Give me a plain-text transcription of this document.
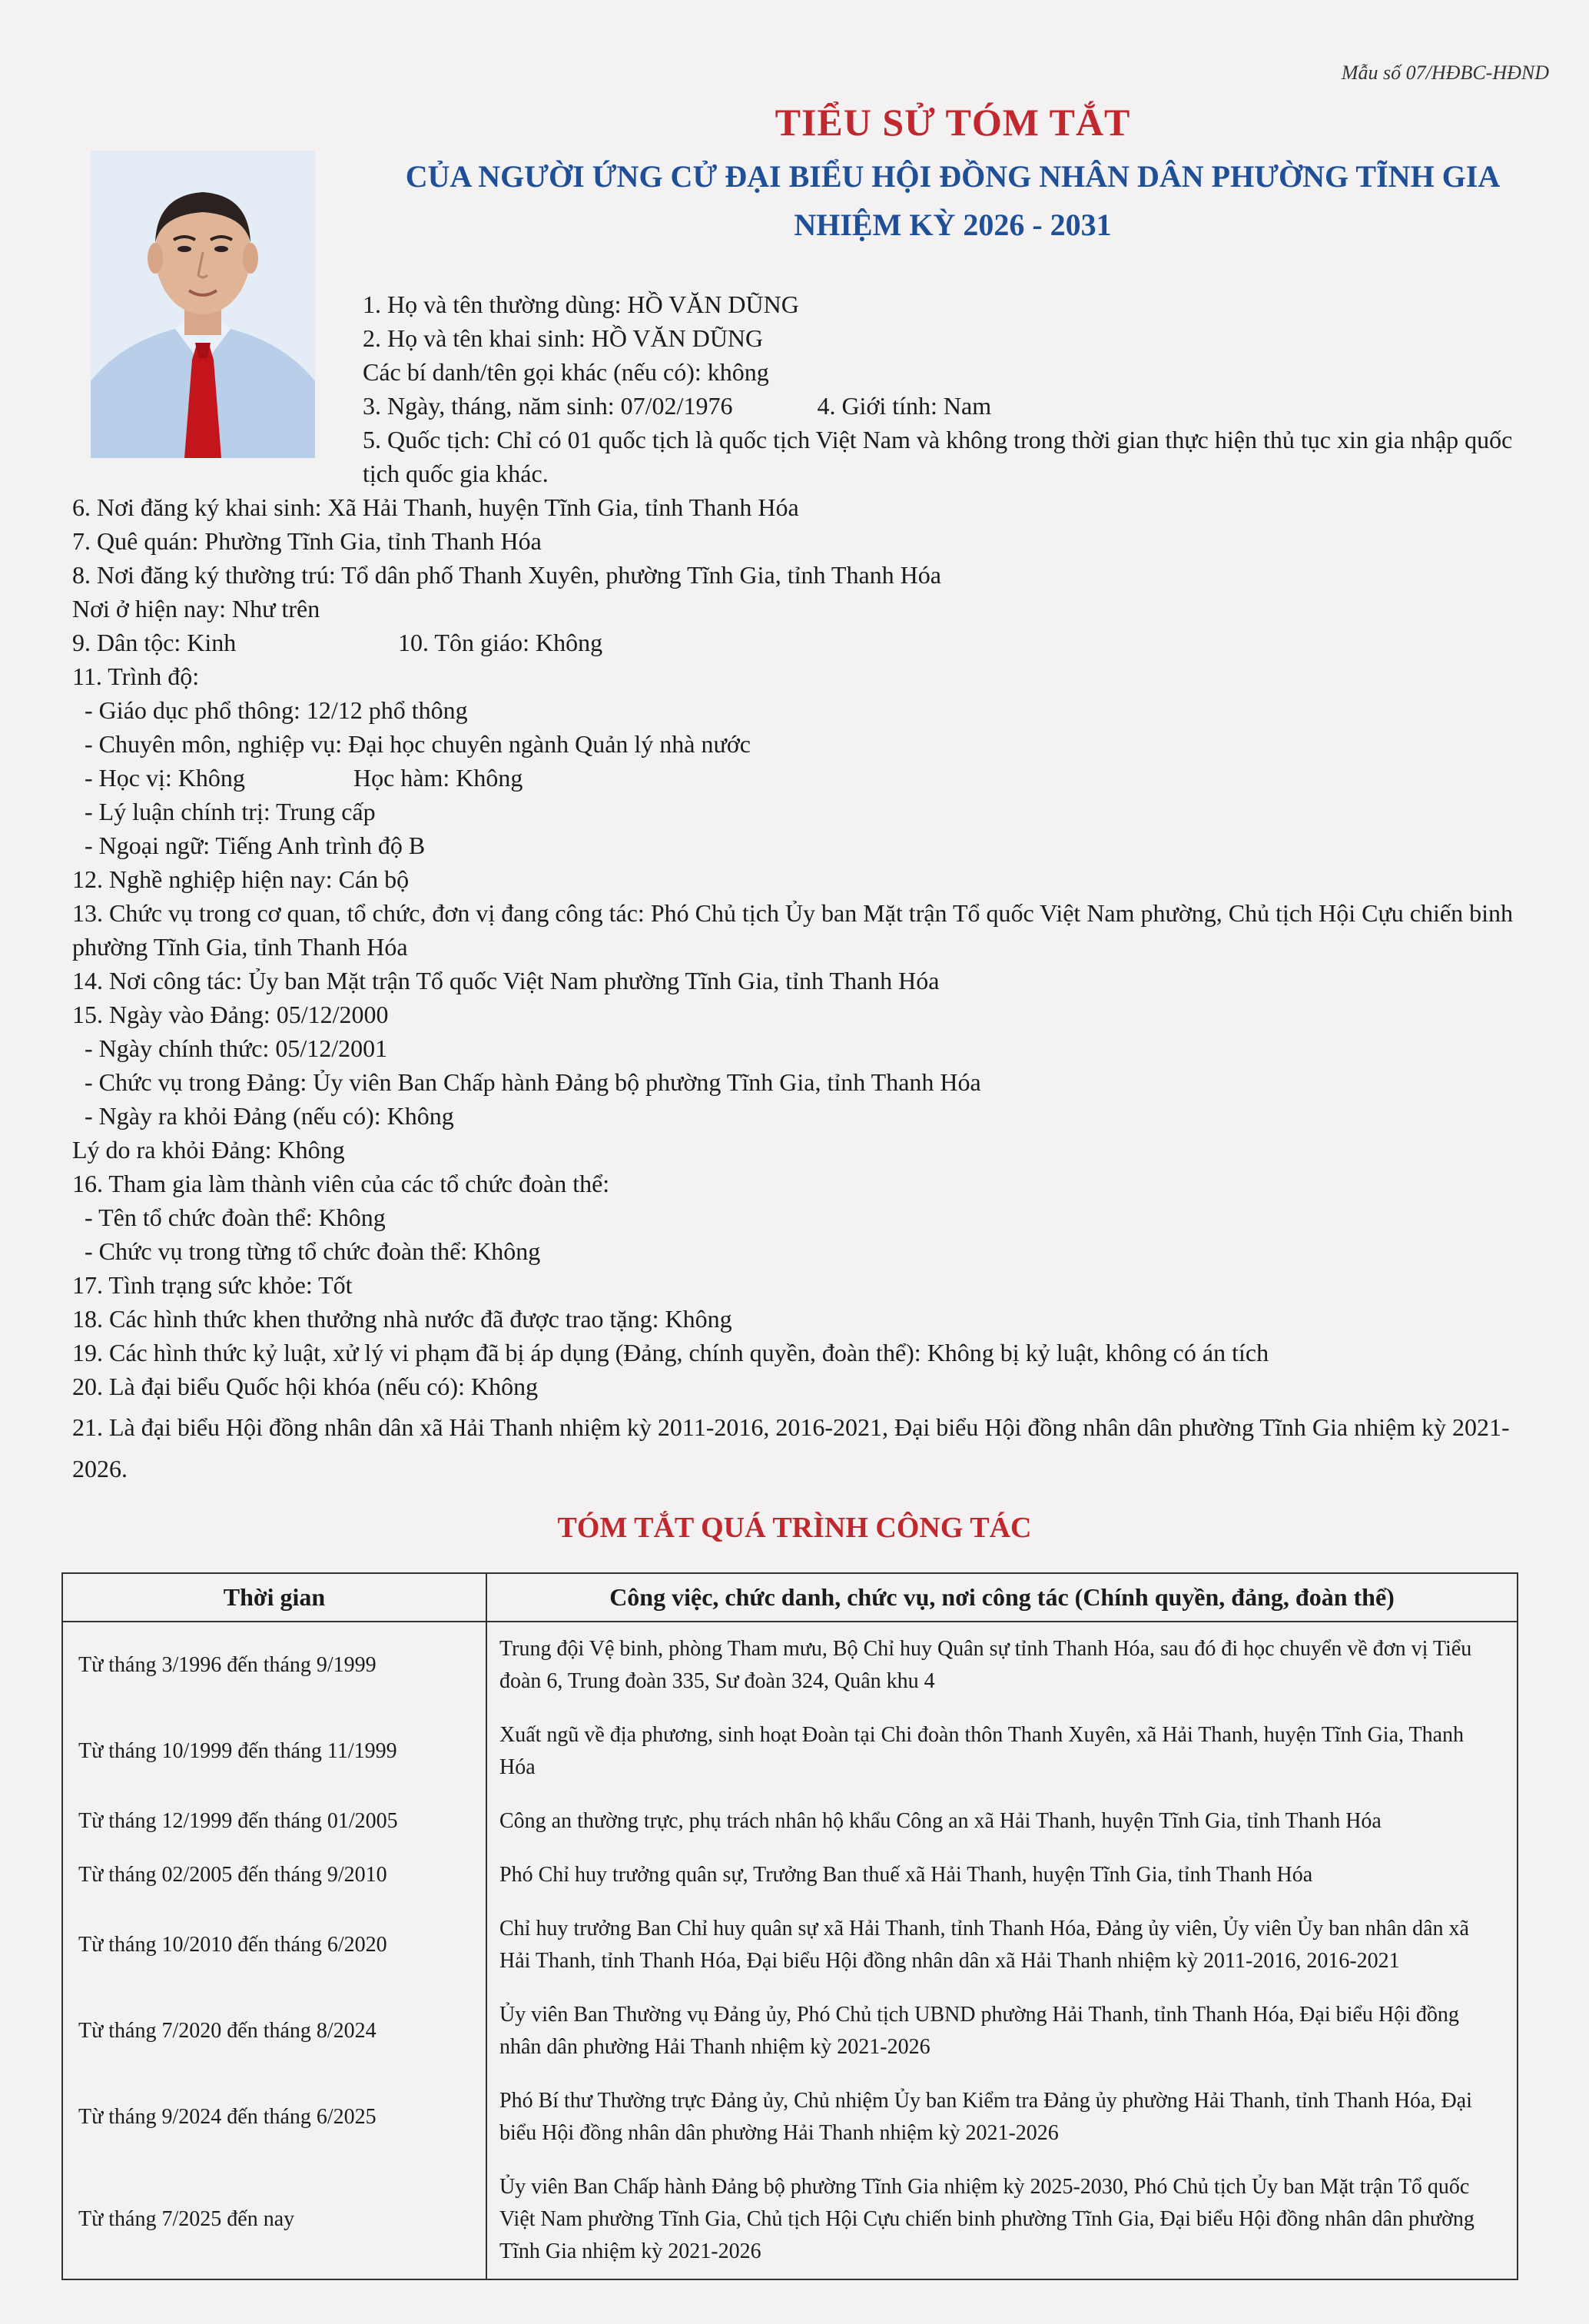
Mẫu số 07/HĐBC-HĐND
TIỂU SỬ TÓM TẮT
CỦA NGƯỜI ỨNG CỬ ĐẠI BIỂU HỘI ĐỒNG NHÂN DÂN PHƯỜNG TĨNH GIA
NHIỆM KỲ 2026 - 2031
1. Họ và tên thường dùng: HỒ VĂN DŨNG
2. Họ và tên khai sinh: HỒ VĂN DŨNG
Các bí danh/tên gọi khác (nếu có): không
3. Ngày, tháng, năm sinh: 07/02/1976	4. Giới tính: Nam
5. Quốc tịch: Chỉ có 01 quốc tịch là quốc tịch Việt Nam và không trong thời gian thực hiện thủ tục xin gia nhập quốc tịch quốc gia khác.
6. Nơi đăng ký khai sinh: Xã Hải Thanh, huyện Tĩnh Gia, tỉnh Thanh Hóa
7. Quê quán: Phường Tĩnh Gia, tỉnh Thanh Hóa
8. Nơi đăng ký thường trú: Tổ dân phố Thanh Xuyên, phường Tĩnh Gia, tỉnh Thanh Hóa
Nơi ở hiện nay: Như trên
9. Dân tộc: Kinh	10. Tôn giáo: Không
11. Trình độ:
- Giáo dục phổ thông: 12/12 phổ thông
- Chuyên môn, nghiệp vụ: Đại học chuyên ngành Quản lý nhà nước
- Học vị: Không	Học hàm: Không
- Lý luận chính trị: Trung cấp
- Ngoại ngữ: Tiếng Anh trình độ B
12. Nghề nghiệp hiện nay: Cán bộ
13. Chức vụ trong cơ quan, tổ chức, đơn vị đang công tác: Phó Chủ tịch Ủy ban Mặt trận Tổ quốc Việt Nam phường, Chủ tịch Hội Cựu chiến binh phường Tĩnh Gia, tỉnh Thanh Hóa
14. Nơi công tác: Ủy ban Mặt trận Tổ quốc Việt Nam phường Tĩnh Gia, tỉnh Thanh Hóa
15. Ngày vào Đảng: 05/12/2000
- Ngày chính thức: 05/12/2001
- Chức vụ trong Đảng: Ủy viên Ban Chấp hành Đảng bộ phường Tĩnh Gia, tỉnh Thanh Hóa
- Ngày ra khỏi Đảng (nếu có): Không
Lý do ra khỏi Đảng: Không
16. Tham gia làm thành viên của các tổ chức đoàn thể:
- Tên tổ chức đoàn thể: Không
- Chức vụ trong từng tổ chức đoàn thể: Không
17. Tình trạng sức khỏe: Tốt
18. Các hình thức khen thưởng nhà nước đã được trao tặng: Không
19. Các hình thức kỷ luật, xử lý vi phạm đã bị áp dụng (Đảng, chính quyền, đoàn thể): Không bị kỷ luật, không có án tích
20. Là đại biểu Quốc hội khóa (nếu có): Không
21. Là đại biểu Hội đồng nhân dân xã Hải Thanh nhiệm kỳ 2011-2016, 2016-2021, Đại biểu Hội đồng nhân dân phường Tĩnh Gia nhiệm kỳ 2021-2026.
TÓM TẮT QUÁ TRÌNH CÔNG TÁC
Thời gian	Công việc, chức danh, chức vụ, nơi công tác (Chính quyền, đảng, đoàn thể)
Từ tháng 3/1996 đến tháng 9/1999	Trung đội Vệ binh, phòng Tham mưu, Bộ Chỉ huy Quân sự tỉnh Thanh Hóa, sau đó đi học chuyển về đơn vị Tiểu đoàn 6, Trung đoàn 335, Sư đoàn 324, Quân khu 4
Từ tháng 10/1999 đến tháng 11/1999	Xuất ngũ về địa phương, sinh hoạt Đoàn tại Chi đoàn thôn Thanh Xuyên, xã Hải Thanh, huyện Tĩnh Gia, Thanh Hóa
Từ tháng 12/1999 đến tháng 01/2005	Công an thường trực, phụ trách nhân hộ khẩu Công an xã Hải Thanh, huyện Tĩnh Gia, tỉnh Thanh Hóa
Từ tháng 02/2005 đến tháng 9/2010	Phó Chỉ huy trưởng quân sự, Trưởng Ban thuế xã Hải Thanh, huyện Tĩnh Gia, tỉnh Thanh Hóa
Từ tháng 10/2010 đến tháng 6/2020	Chỉ huy trưởng Ban Chỉ huy quân sự xã Hải Thanh, tỉnh Thanh Hóa, Đảng ủy viên, Ủy viên Ủy ban nhân dân xã Hải Thanh, tỉnh Thanh Hóa, Đại biểu Hội đồng nhân dân xã Hải Thanh nhiệm kỳ 2011-2016, 2016-2021
Từ tháng 7/2020 đến tháng 8/2024	Ủy viên Ban Thường vụ Đảng ủy, Phó Chủ tịch UBND phường Hải Thanh, tỉnh Thanh Hóa, Đại biểu Hội đồng nhân dân phường Hải Thanh nhiệm kỳ 2021-2026
Từ tháng 9/2024 đến tháng 6/2025	Phó Bí thư Thường trực Đảng ủy, Chủ nhiệm Ủy ban Kiểm tra Đảng ủy phường Hải Thanh, tỉnh Thanh Hóa, Đại biểu Hội đồng nhân dân phường Hải Thanh nhiệm kỳ 2021-2026
Từ tháng 7/2025 đến nay	Ủy viên Ban Chấp hành Đảng bộ phường Tĩnh Gia nhiệm kỳ 2025-2030, Phó Chủ tịch Ủy ban Mặt trận Tổ quốc Việt Nam phường Tĩnh Gia, Chủ tịch Hội Cựu chiến binh phường Tĩnh Gia, Đại biểu Hội đồng nhân dân phường Tĩnh Gia nhiệm kỳ 2021-2026
